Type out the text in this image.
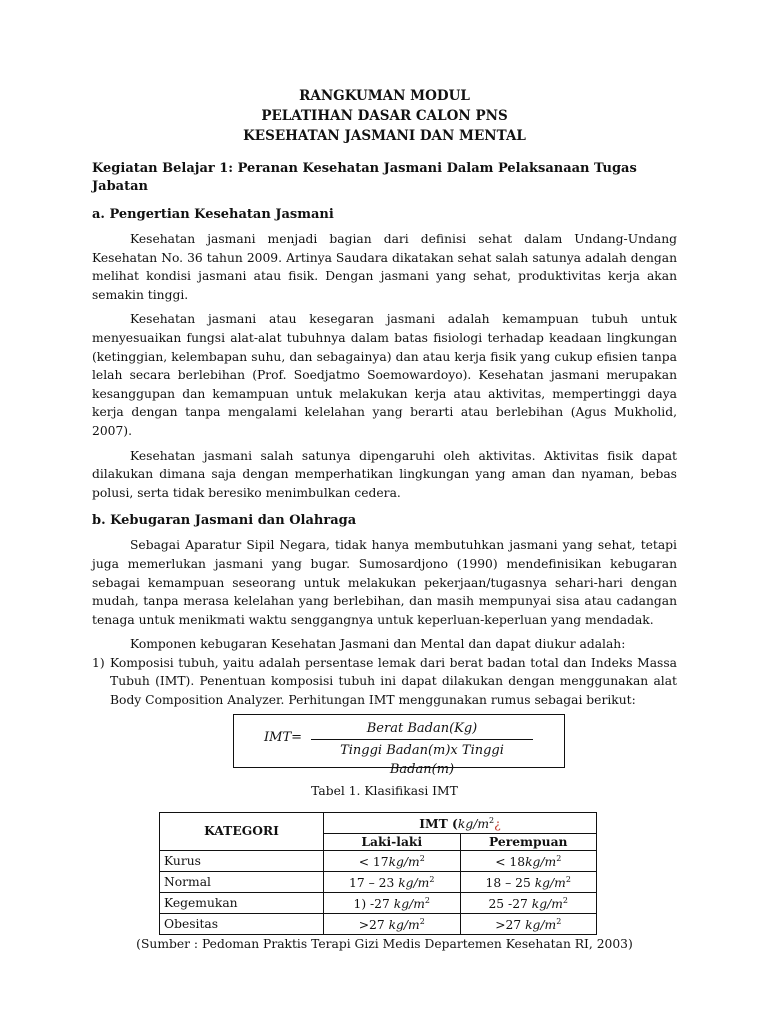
RANGKUMAN MODUL
PELATIHAN DASAR CALON PNS
KESEHATAN JASMANI DAN MENTAL
Kegiatan Belajar 1: Peranan Kesehatan Jasmani Dalam Pelaksanaan Tugas Jabatan
a. Pengertian Kesehatan Jasmani

Kesehatan jasmani menjadi bagian dari definisi sehat dalam Undang-Undang Kesehatan No. 36 tahun 2009. Artinya Saudara dikatakan sehat salah satunya adalah dengan melihat kondisi jasmani atau fisik. Dengan jasmani yang sehat, produktivitas kerja akan semakin tinggi.

Kesehatan jasmani atau kesegaran jasmani adalah kemampuan tubuh untuk menyesuaikan fungsi alat-alat tubuhnya dalam batas fisiologi terhadap keadaan lingkungan (ketinggian, kelembapan suhu, dan sebagainya) dan atau kerja fisik yang cukup efisien tanpa lelah secara berlebihan (Prof. Soedjatmo Soemowardoyo). Kesehatan jasmani merupakan kesanggupan dan kemampuan untuk melakukan kerja atau aktivitas, mempertinggi daya kerja dengan tanpa mengalami kelelahan yang berarti atau berlebihan (Agus Mukholid, 2007).

Kesehatan jasmani salah satunya dipengaruhi oleh aktivitas. Aktivitas fisik dapat dilakukan dimana saja dengan memperhatikan lingkungan yang aman dan nyaman, bebas polusi, serta tidak beresiko menimbulkan cedera.

b. Kebugaran Jasmani dan Olahraga

Sebagai Aparatur Sipil Negara, tidak hanya membutuhkan jasmani yang sehat, tetapi juga memerlukan jasmani yang bugar. Sumosardjono (1990) mendefinisikan kebugaran sebagai kemampuan seseorang untuk melakukan pekerjaan/tugasnya sehari-hari dengan mudah, tanpa merasa kelelahan yang berlebihan, dan masih mempunyai sisa atau cadangan tenaga untuk menikmati waktu senggangnya untuk keperluan-keperluan yang mendadak.

Komponen kebugaran Kesehatan Jasmani dan Mental dan dapat diukur adalah:

1) Komposisi tubuh, yaitu adalah persentase lemak dari berat badan total dan Indeks Massa Tubuh (IMT). Penentuan komposisi tubuh ini dapat dilakukan dengan menggunakan alat Body Composition Analyzer. Perhitungan IMT menggunakan rumus sebagai berikut:
IMT=
Berat Badan(Kg)
Tinggi Badan(m)x Tinggi Badan(m)
Tabel 1. Klasifikasi IMT
KATEGORI	IMT ($kg/m^2¿$	
	Laki-laki	Perempuan
Kurus	< $17kg/m^2$	< $18kg/m^2$
Normal	17 – 23 $kg/m^2$	18 – 25 $kg/m^2$
Kegemukan	1) -27 $kg/m^2$	25 -27 $kg/m^2$
Obesitas	>27 $kg/m^2$	>27 $kg/m^2$
(Sumber : Pedoman Praktis Terapi Gizi Medis Departemen Kesehatan RI, 2003)
